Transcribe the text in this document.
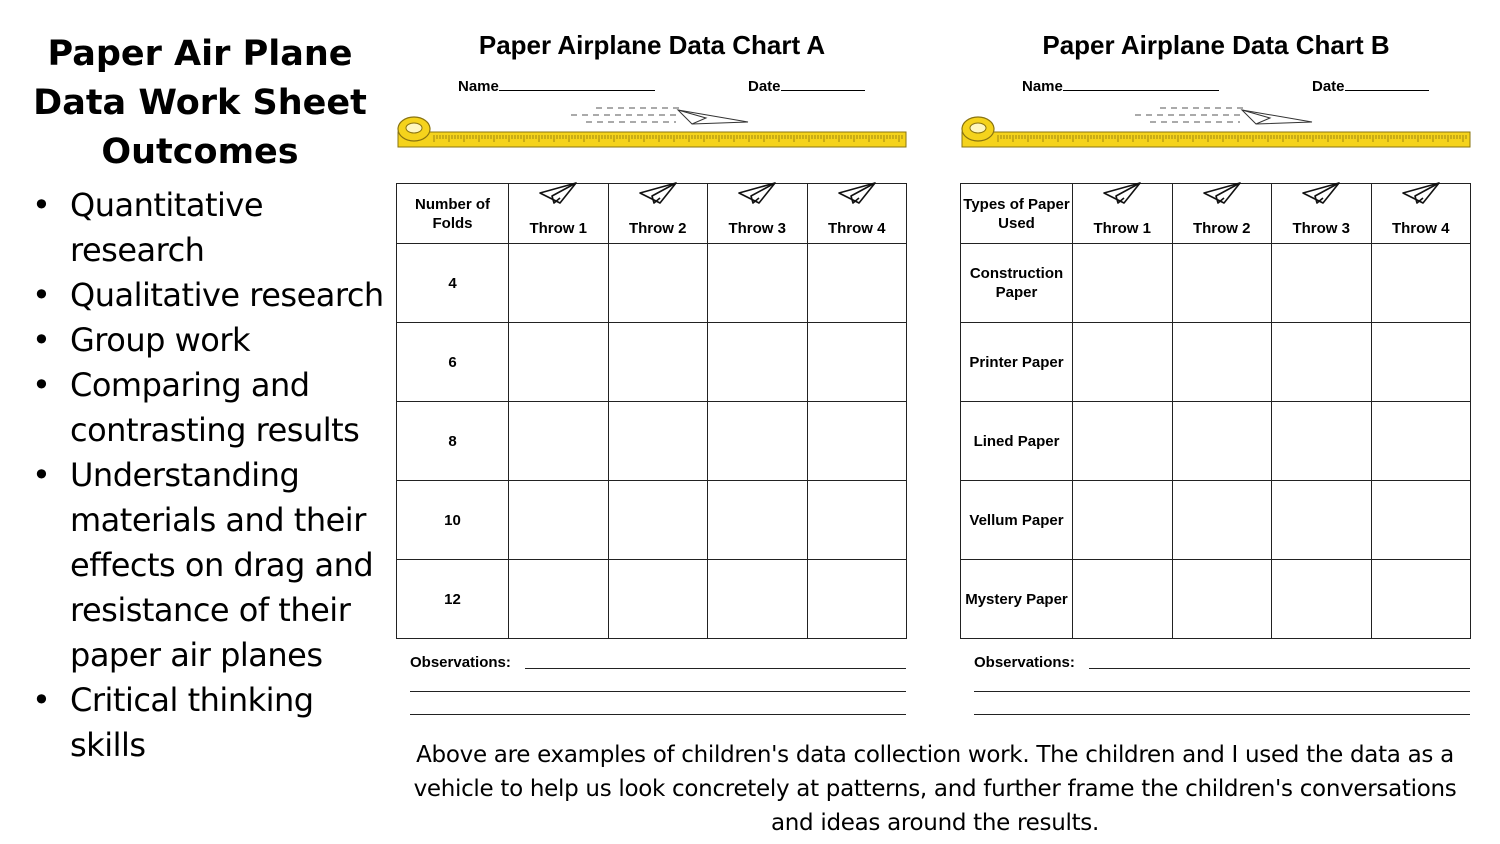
Paper Air Plane
Data Work Sheet
Outcomes
• Quantitative research
• Qualitative research
• Group work
• Comparing and contrasting results
• Understanding materials and their effects on drag and resistance of their paper air planes
• Critical thinking skills
Paper Airplane Data Chart A
Name	Date
Number of Folds	Throw 1	Throw 2	Throw 3	Throw 4

4				
6				
8				
10				
12				
Observations:
Paper Airplane Data Chart B
Name	Date
Types of Paper Used	Throw 1	Throw 2	Throw 3	Throw 4

Construction Paper				
Printer Paper				
Lined Paper				
Vellum Paper				
Mystery Paper				
Observations:
Above are examples of children's data collection work. The children and I used the data as a vehicle to help us look concretely at patterns, and further frame the children's conversations and ideas around the results.
